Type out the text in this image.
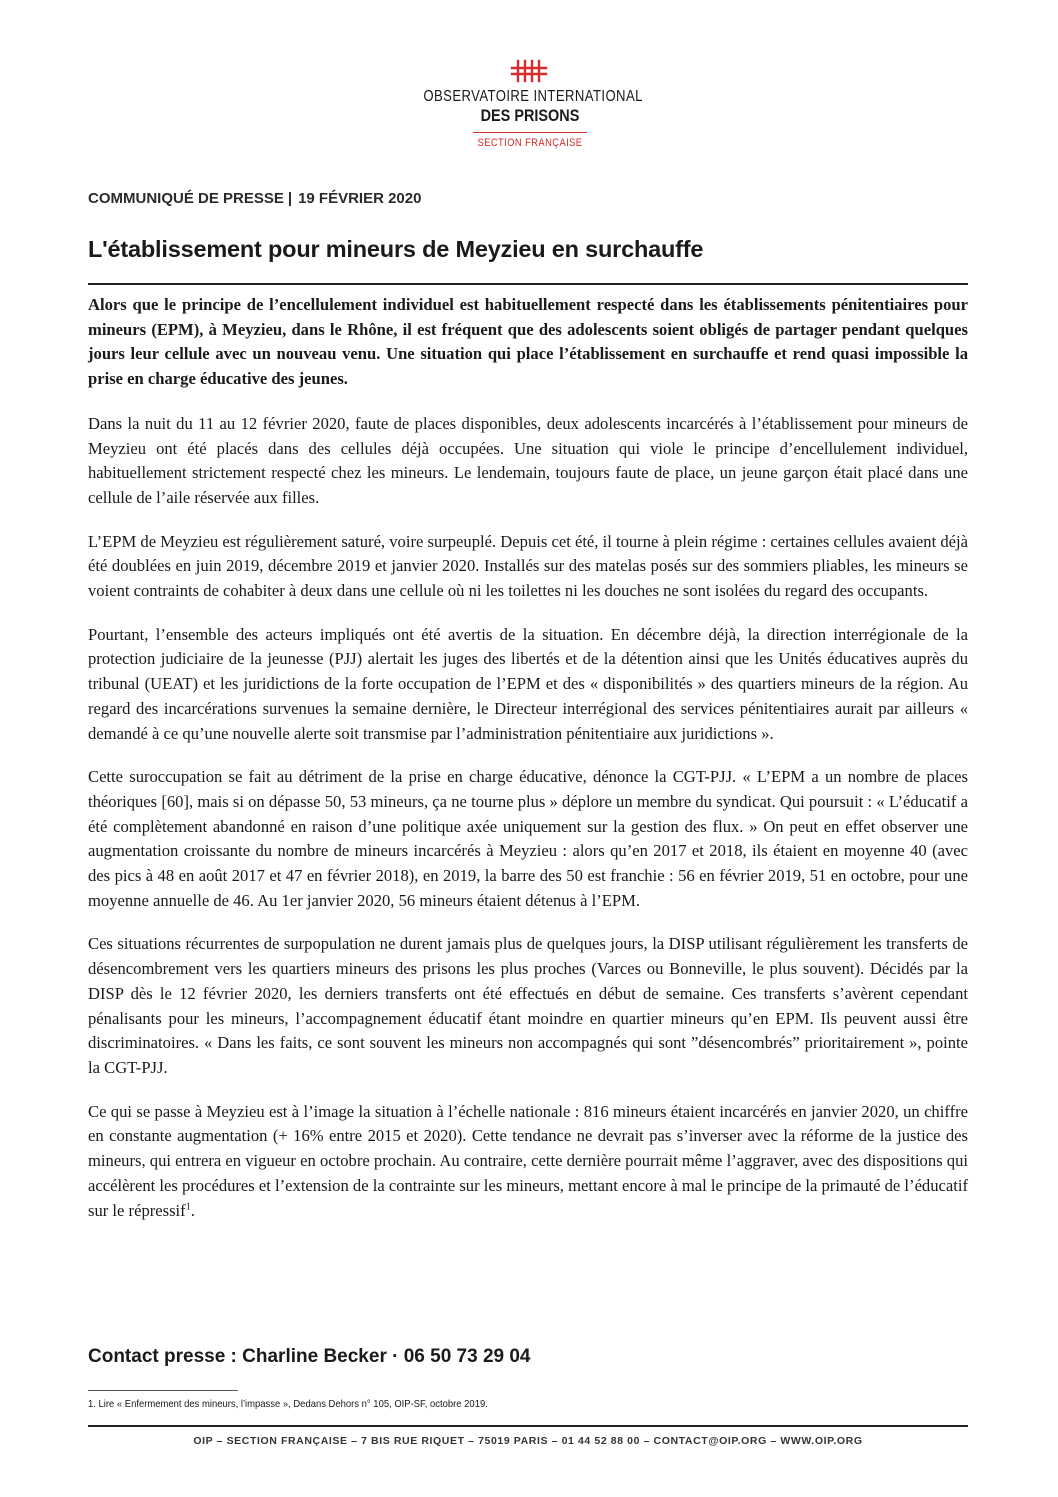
OBSERVATOIRE INTERNATIONAL
DES PRISONS
SECTION FRANÇAISE
COMMUNIQUÉ DE PRESSE | 19 FÉVRIER 2020
L'établissement pour mineurs de Meyzieu en surchauffe

Alors que le principe de l’encellulement individuel est habituellement respecté dans les établissements pénitentiaires pour mineurs (EPM), à Meyzieu, dans le Rhône, il est fréquent que des adolescents soient obligés de partager pendant quelques jours leur cellule avec un nouveau venu. Une situation qui place l’établissement en surchauffe et rend quasi impossible la prise en charge éducative des jeunes.

Dans la nuit du 11 au 12 février 2020, faute de places disponibles, deux adolescents incarcérés à l’établissement pour mineurs de Meyzieu ont été placés dans des cellules déjà occupées. Une situation qui viole le principe d’encellulement individuel, habituellement strictement respecté chez les mineurs. Le lendemain, toujours faute de place, un jeune garçon était placé dans une cellule de l’aile réservée aux filles.

L’EPM de Meyzieu est régulièrement saturé, voire surpeuplé. Depuis cet été, il tourne à plein régime : certaines cellules avaient déjà été doublées en juin 2019, décembre 2019 et janvier 2020. Installés sur des matelas posés sur des sommiers pliables, les mineurs se voient contraints de cohabiter à deux dans une cellule où ni les toilettes ni les douches ne sont isolées du regard des occupants.

Pourtant, l’ensemble des acteurs impliqués ont été avertis de la situation. En décembre déjà, la direction interrégionale de la protection judiciaire de la jeunesse (PJJ) alertait les juges des libertés et de la détention ainsi que les Unités éducatives auprès du tribunal (UEAT) et les juridictions de la forte occupation de l’EPM et des « disponibilités » des quartiers mineurs de la région. Au regard des incarcérations survenues la semaine dernière, le Directeur interrégional des services pénitentiaires aurait par ailleurs « demandé à ce qu’une nouvelle alerte soit transmise par l’administration pénitentiaire aux juridictions ».

Cette suroccupation se fait au détriment de la prise en charge éducative, dénonce la CGT-PJJ. « L’EPM a un nombre de places théoriques [60], mais si on dépasse 50, 53 mineurs, ça ne tourne plus » déplore un membre du syndicat. Qui poursuit : « L’éducatif a été complètement abandonné en raison d’une politique axée uniquement sur la gestion des flux. » On peut en effet observer une augmentation croissante du nombre de mineurs incarcérés à Meyzieu : alors qu’en 2017 et 2018, ils étaient en moyenne 40 (avec des pics à 48 en août 2017 et 47 en février 2018), en 2019, la barre des 50 est franchie : 56 en février 2019, 51 en octobre, pour une moyenne annuelle de 46. Au 1er janvier 2020, 56 mineurs étaient détenus à l’EPM.

Ces situations récurrentes de surpopulation ne durent jamais plus de quelques jours, la DISP utilisant régulièrement les transferts de désencombrement vers les quartiers mineurs des prisons les plus proches (Varces ou Bonneville, le plus souvent). Décidés par la DISP dès le 12 février 2020, les derniers transferts ont été effectués en début de semaine. Ces transferts s’avèrent cependant pénalisants pour les mineurs, l’accompagnement éducatif étant moindre en quartier mineurs qu’en EPM. Ils peuvent aussi être discriminatoires. « Dans les faits, ce sont souvent les mineurs non accompagnés qui sont ”désencombrés” prioritairement », pointe la CGT-PJJ.

Ce qui se passe à Meyzieu est à l’image la situation à l’échelle nationale : 816 mineurs étaient incarcérés en janvier 2020, un chiffre en constante augmentation (+ 16% entre 2015 et 2020). Cette tendance ne devrait pas s’inverser avec la réforme de la justice des mineurs, qui entrera en vigueur en octobre prochain. Au contraire, cette dernière pourrait même l’aggraver, avec des dispositions qui accélèrent les procédures et l’extension de la contrainte sur les mineurs, mettant encore à mal le principe de la primauté de l’éducatif sur le répressif$^1$.

Contact presse : Charline Becker · 06 50 73 29 04
1. Lire « Enfermement des mineurs, l’impasse », Dedans Dehors n° 105, OIP-SF, octobre 2019.
OIP – SECTION FRANÇAISE – 7 BIS RUE RIQUET – 75019 PARIS – 01 44 52 88 00 – CONTACT@OIP.ORG – WWW.OIP.ORG
